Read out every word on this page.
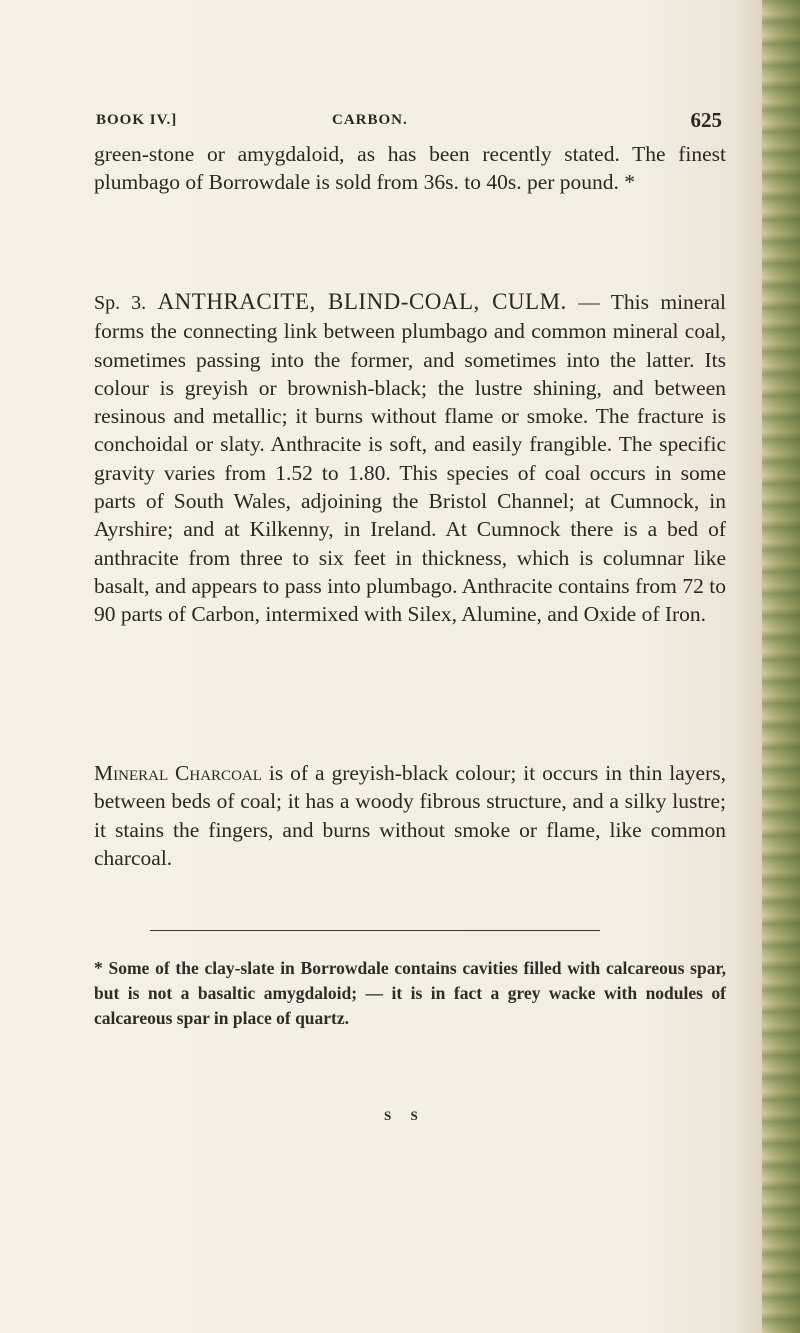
BOOK IV.]	CARBON.	625

green-stone or amygdaloid, as has been recently stated. The finest plumbago of Borrowdale is sold from 36s. to 40s. per pound. *

Sp. 3. ANTHRACITE, BLIND-COAL, CULM. — This mineral forms the connecting link between plumbago and common mineral coal, sometimes passing into the former, and sometimes into the latter. Its colour is greyish or brownish-black; the lustre shining, and between resinous and metallic; it burns without flame or smoke. The fracture is conchoidal or slaty. Anthracite is soft, and easily frangible. The specific gravity varies from 1.52 to 1.80. This species of coal occurs in some parts of South Wales, adjoining the Bristol Channel; at Cumnock, in Ayrshire; and at Kilkenny, in Ireland. At Cumnock there is a bed of anthracite from three to six feet in thickness, which is columnar like basalt, and appears to pass into plumbago. Anthracite contains from 72 to 90 parts of Carbon, intermixed with Silex, Alumine, and Oxide of Iron.

Mineral Charcoal is of a greyish-black colour; it occurs in thin layers, between beds of coal; it has a woody fibrous structure, and a silky lustre; it stains the fingers, and burns without smoke or flame, like common charcoal.

* Some of the clay-slate in Borrowdale contains cavities filled with calcareous spar, but is not a basaltic amygdaloid; — it is in fact a grey wacke with nodules of calcareous spar in place of quartz.
S S
